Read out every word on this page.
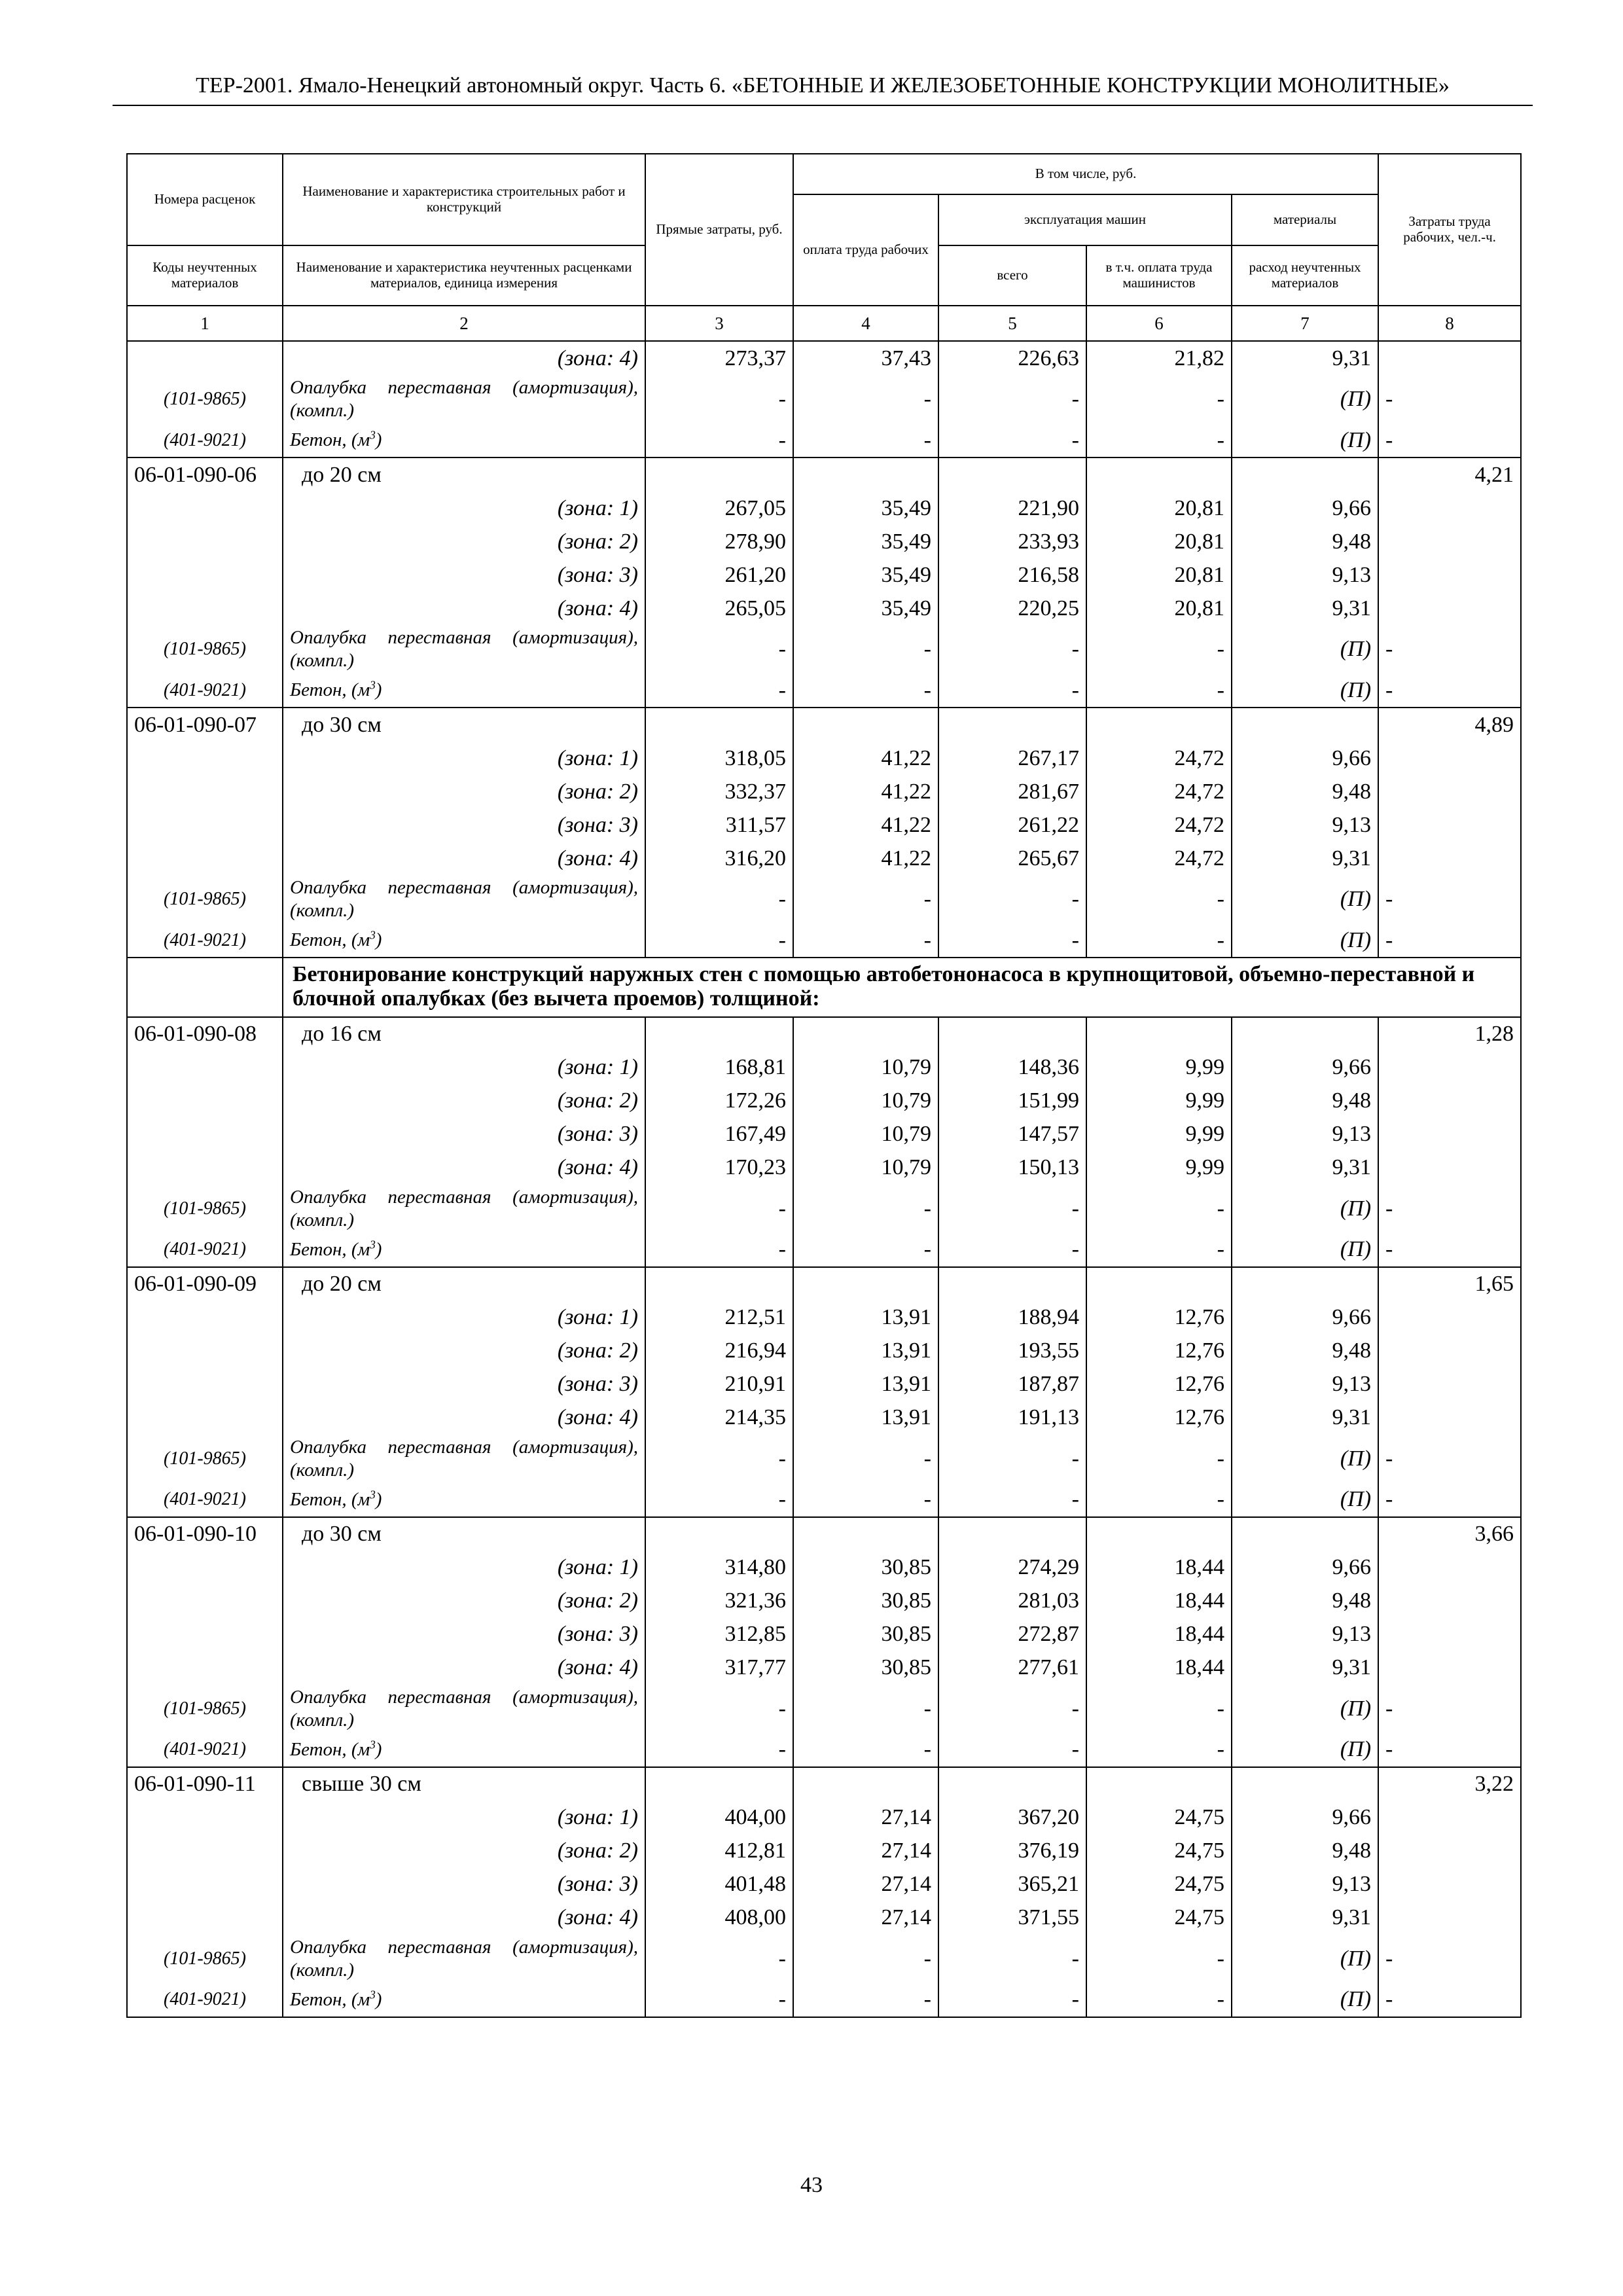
ТЕР-2001. Ямало-Ненецкий автономный округ. Часть 6. «БЕТОННЫЕ И ЖЕЛЕЗОБЕТОННЫЕ КОНСТРУКЦИИ МОНОЛИТНЫЕ»
Номера расценок	Наименование и характеристика строительных работ и конструкций	Прямые затраты, руб.	В том числе, руб.				Затраты труда рабочих, чел.-ч.
			оплата труда рабочих	эксплуатация машин		материалы	
Коды неучтенных материалов	Наименование и характеристика неучтенных расценками материалов, единица измерения			всего	в т.ч. оплата труда машинистов	расход неучтенных материалов	
1	2	3	4	5	6	7	8
	(зона: 4)	273,37	37,43	226,63	21,82	9,31	
(101-9865)	Опалубка переставная (амортизация), (компл.)	-	-	-	-	(П)	-
(401-9021)	Бетон, $(м^3)$	-	-	-	-	(П)	-
06-01-090-06	до 20 см						4,21
	(зона: 1)	267,05	35,49	221,90	20,81	9,66	
	(зона: 2)	278,90	35,49	233,93	20,81	9,48	
	(зона: 3)	261,20	35,49	216,58	20,81	9,13	
	(зона: 4)	265,05	35,49	220,25	20,81	9,31	
(101-9865)	Опалубка переставная (амортизация), (компл.)	-	-	-	-	(П)	-
(401-9021)	Бетон, $(м^3)$	-	-	-	-	(П)	-
06-01-090-07	до 30 см						4,89
	(зона: 1)	318,05	41,22	267,17	24,72	9,66	
	(зона: 2)	332,37	41,22	281,67	24,72	9,48	
	(зона: 3)	311,57	41,22	261,22	24,72	9,13	
	(зона: 4)	316,20	41,22	265,67	24,72	9,31	
(101-9865)	Опалубка переставная (амортизация), (компл.)	-	-	-	-	(П)	-
(401-9021)	Бетон, $(м^3)$	-	-	-	-	(П)	-
	Бетонирование конструкций наружных стен с помощью автобетононасоса в крупнощитовой, объемно-переставной и блочной опалубках (без вычета проемов) толщиной:						
06-01-090-08	до 16 см						1,28
	(зона: 1)	168,81	10,79	148,36	9,99	9,66	
	(зона: 2)	172,26	10,79	151,99	9,99	9,48	
	(зона: 3)	167,49	10,79	147,57	9,99	9,13	
	(зона: 4)	170,23	10,79	150,13	9,99	9,31	
(101-9865)	Опалубка переставная (амортизация), (компл.)	-	-	-	-	(П)	-
(401-9021)	Бетон, $(м^3)$	-	-	-	-	(П)	-
06-01-090-09	до 20 см						1,65
	(зона: 1)	212,51	13,91	188,94	12,76	9,66	
	(зона: 2)	216,94	13,91	193,55	12,76	9,48	
	(зона: 3)	210,91	13,91	187,87	12,76	9,13	
	(зона: 4)	214,35	13,91	191,13	12,76	9,31	
(101-9865)	Опалубка переставная (амортизация), (компл.)	-	-	-	-	(П)	-
(401-9021)	Бетон, $(м^3)$	-	-	-	-	(П)	-
06-01-090-10	до 30 см						3,66
	(зона: 1)	314,80	30,85	274,29	18,44	9,66	
	(зона: 2)	321,36	30,85	281,03	18,44	9,48	
	(зона: 3)	312,85	30,85	272,87	18,44	9,13	
	(зона: 4)	317,77	30,85	277,61	18,44	9,31	
(101-9865)	Опалубка переставная (амортизация), (компл.)	-	-	-	-	(П)	-
(401-9021)	Бетон, $(м^3)$	-	-	-	-	(П)	-
06-01-090-11	свыше 30 см						3,22
	(зона: 1)	404,00	27,14	367,20	24,75	9,66	
	(зона: 2)	412,81	27,14	376,19	24,75	9,48	
	(зона: 3)	401,48	27,14	365,21	24,75	9,13	
	(зона: 4)	408,00	27,14	371,55	24,75	9,31	
(101-9865)	Опалубка переставная (амортизация), (компл.)	-	-	-	-	(П)	-
(401-9021)	Бетон, $(м^3)$	-	-	-	-	(П)	-
43
